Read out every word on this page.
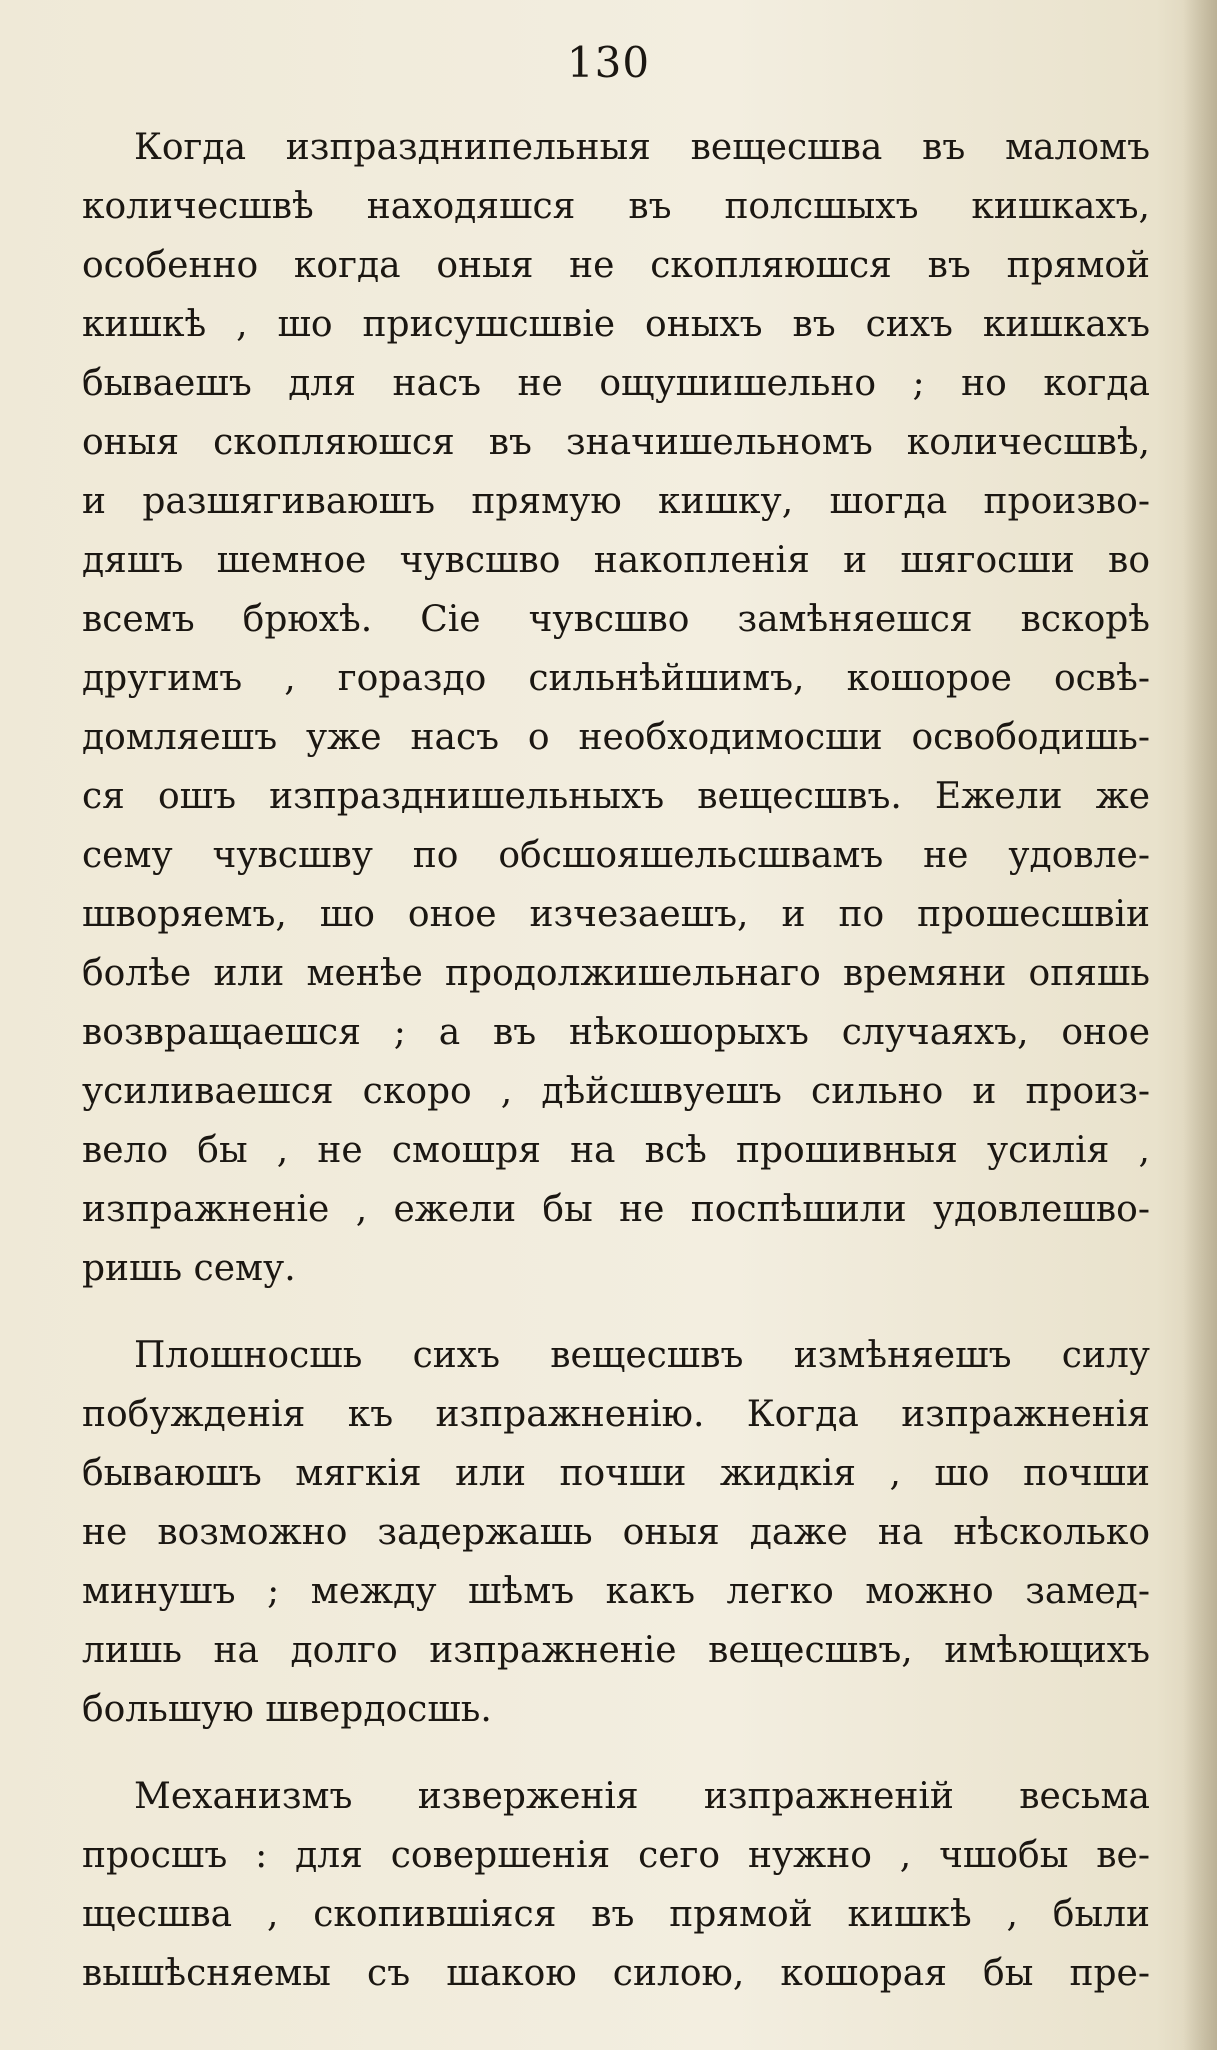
130
Когда изпразднипельныя вещесшва въ маломъ
количесшвѣ находяшся въ полсшыхъ кишкахъ,
особенно когда оныя не скопляюшся въ прямой
кишкѣ , шо присушсшвіе оныхъ въ сихъ кишкахъ
бываешъ для насъ не ощушишельно ; но когда
оныя скопляюшся въ значишельномъ количесшвѣ,
и разшягиваюшъ прямую кишку, шогда произво-
дяшъ шемное чувсшво накопленія и шягосши во
всемъ брюхѣ. Сіе чувсшво замѣняешся вскорѣ
другимъ , гораздо сильнѣйшимъ, кошорое освѣ-
домляешъ уже насъ о необходимосши освободишь-
ся ошъ изпразднишельныхъ вещесшвъ. Ежели же
сему чувсшву по обсшояшельсшвамъ не удовле-
шворяемъ, шо оное изчезаешъ, и по прошесшвіи
болѣе или менѣе продолжишельнаго времяни опяшь
возвращаешся ; а въ нѣкошорыхъ случаяхъ, оное
усиливаешся скоро , дѣйсшвуешъ сильно и произ-
вело бы , не смошря на всѣ прошивныя усилія ,
изпражненіе , ежели бы не поспѣшили удовлешво-
ришь сему.
Плошносшь сихъ вещесшвъ измѣняешъ силу
побужденія къ изпражненію. Когда изпражненія
бываюшъ мягкія или почши жидкія , шо почши
не возможно задержашь оныя даже на нѣсколько
минушъ ; между шѣмъ какъ легко можно замед-
лишь на долго изпражненіе вещесшвъ, имѣющихъ
большую швердосшь.
Механизмъ изверженія изпражненій весьма
просшъ : для совершенія сего нужно , чшобы ве-
щесшва , скопившіяся въ прямой кишкѣ , были
вышѣсняемы съ шакою силою, кошорая бы пре-
